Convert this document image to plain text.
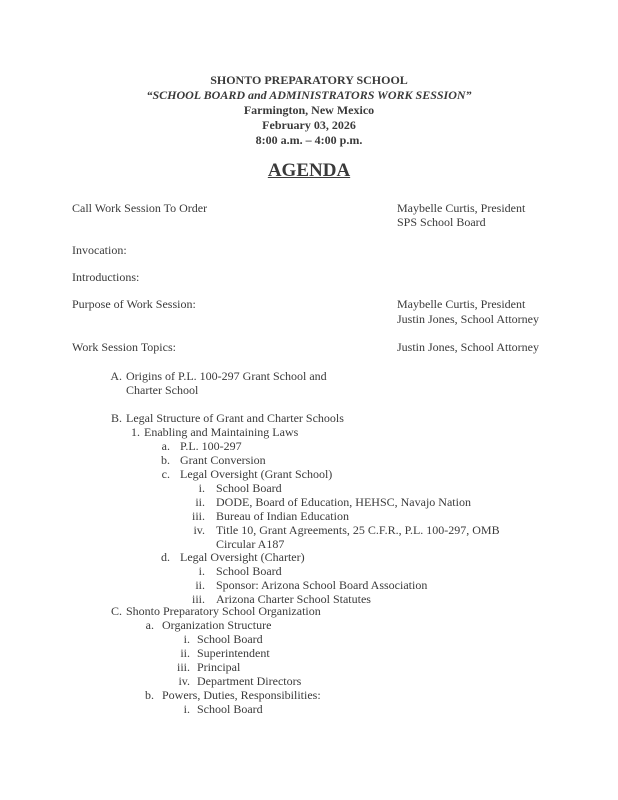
SHONTO PREPARATORY SCHOOL
“SCHOOL BOARD and ADMINISTRATORS WORK SESSION”
Farmington, New Mexico
February 03, 2026
8:00 a.m. – 4:00 p.m.
AGENDA
Call Work Session To Order	Maybelle Curtis, President
SPS School Board
Invocation:
Introductions:
Purpose of Work Session:	Maybelle Curtis, President
Justin Jones, School Attorney
Work Session Topics:	Justin Jones, School Attorney
A. Origins of P.L. 100-297 Grant School and
Charter School
B. Legal Structure of Grant and Charter Schools
1. Enabling and Maintaining Laws
a. P.L. 100-297
b. Grant Conversion
c. Legal Oversight (Grant School)
i. School Board
ii. DODE, Board of Education, HEHSC, Navajo Nation
iii. Bureau of Indian Education
iv. Title 10, Grant Agreements, 25 C.F.R., P.L. 100-297, OMB
Circular A187
d. Legal Oversight (Charter)
i. School Board
ii. Sponsor: Arizona School Board Association
iii. Arizona Charter School Statutes
C. Shonto Preparatory School Organization
a. Organization Structure
i. School Board
ii. Superintendent
iii. Principal
iv. Department Directors
b. Powers, Duties, Responsibilities:
i. School Board
